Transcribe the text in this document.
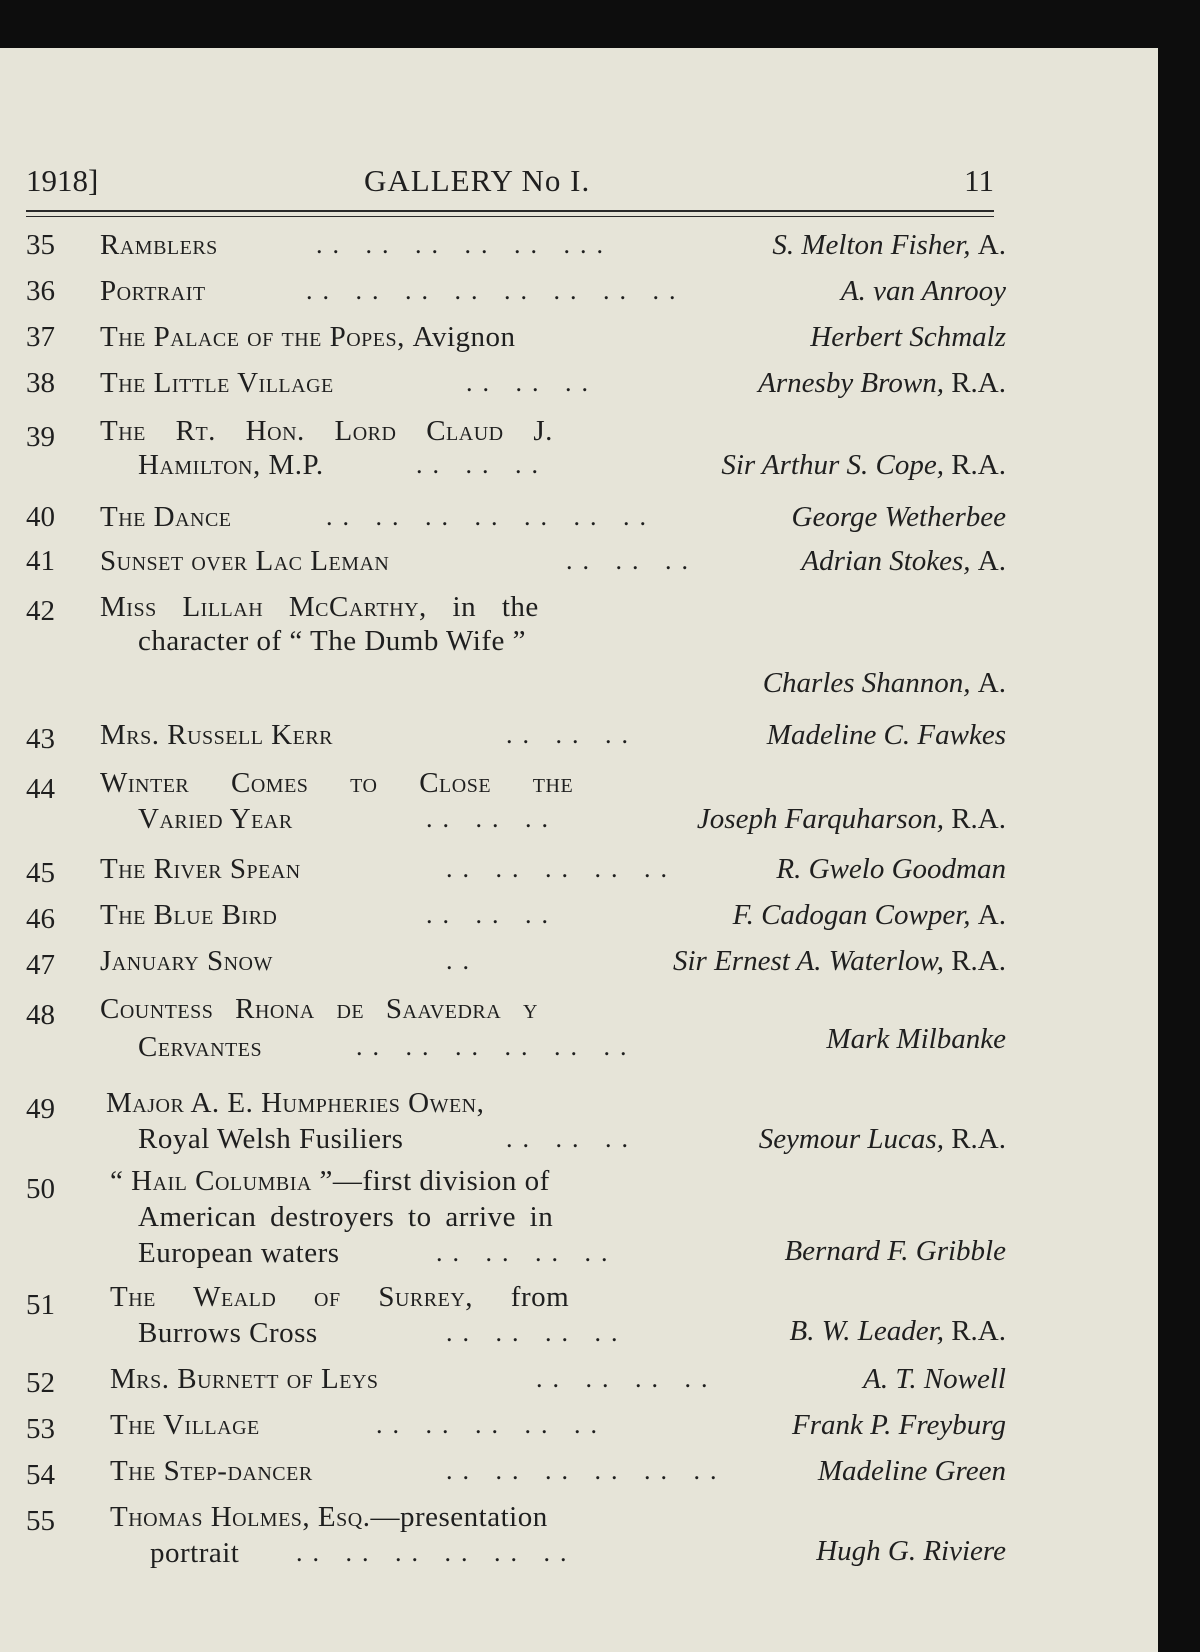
1918]	GALLERY No I.	11
35	Ramblers	.. .. .. .. .. ...	S. Melton Fisher, A.
36	Portrait	.. .. .. .. .. .. .. ..	A. van Anrooy
37	The Palace of the Popes, Avignon	Herbert Schmalz
38	The Little Village	.. .. ..	Arnesby Brown, R.A.
39	The Rt. Hon. Lord Claud J.
Hamilton, M.P.	.. .. ..	Sir Arthur S. Cope, R.A.
40	The Dance	.. .. .. .. .. .. ..	George Wetherbee
41	Sunset over Lac Leman	.. .. ..	Adrian Stokes, A.
42	Miss Lillah McCarthy, in the
character of “ The Dumb Wife ”
Charles Shannon, A.
43	Mrs. Russell Kerr	.. .. ..	Madeline C. Fawkes
44	Winter Comes to Close the
Varied Year	.. .. ..	Joseph Farquharson, R.A.
45	The River Spean	.. .. .. .. ..	R. Gwelo Goodman
46	The Blue Bird	.. .. ..	F. Cadogan Cowper, A.
47	January Snow	..	Sir Ernest A. Waterlow, R.A.
48	Countess Rhona de Saavedra y
Cervantes	.. .. .. .. .. ..	Mark Milbanke
49	Major A. E. Humpheries Owen,
Royal Welsh Fusiliers	.. .. ..	Seymour Lucas, R.A.
50	“ Hail Columbia ”—first division of
American destroyers to arrive in
European waters	.. .. .. ..	Bernard F. Gribble
51	The Weald of Surrey, from
Burrows Cross	.. .. .. ..	B. W. Leader, R.A.
52	Mrs. Burnett of Leys	.. .. .. ..	A. T. Nowell
53	The Village	.. .. .. .. ..	Frank P. Freyburg
54	The Step-dancer	.. .. .. .. .. ..	Madeline Green
55	Thomas Holmes, Esq.—presentation
portrait .. .. .. .. .. ..	Hugh G. Riviere
